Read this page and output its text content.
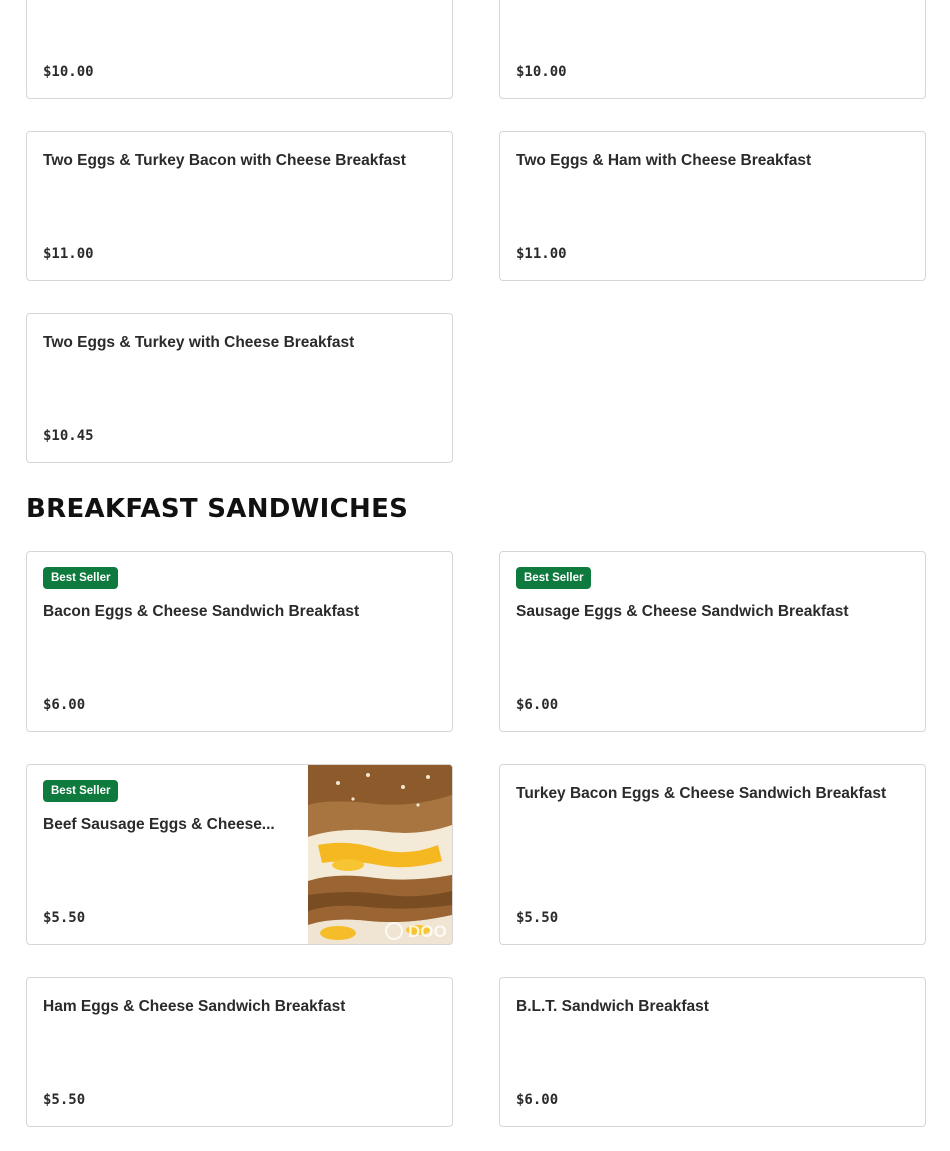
$10.00	$10.00
Two Eggs & Turkey Bacon with Cheese Breakfast
$11.00
Two Eggs & Ham with Cheese Breakfast
$11.00
Two Eggs & Turkey with Cheese Breakfast
$10.45
BREAKFAST SANDWICHES
Best Seller
Bacon Eggs & Cheese Sandwich Breakfast
$6.00
Best Seller
Sausage Eggs & Cheese Sandwich Breakfast
$6.00
Best Seller
Beef Sausage Eggs & Cheese...
$5.50
DOO
Turkey Bacon Eggs & Cheese Sandwich Breakfast
$5.50
Ham Eggs & Cheese Sandwich Breakfast
$5.50
B.L.T. Sandwich Breakfast
$6.00
